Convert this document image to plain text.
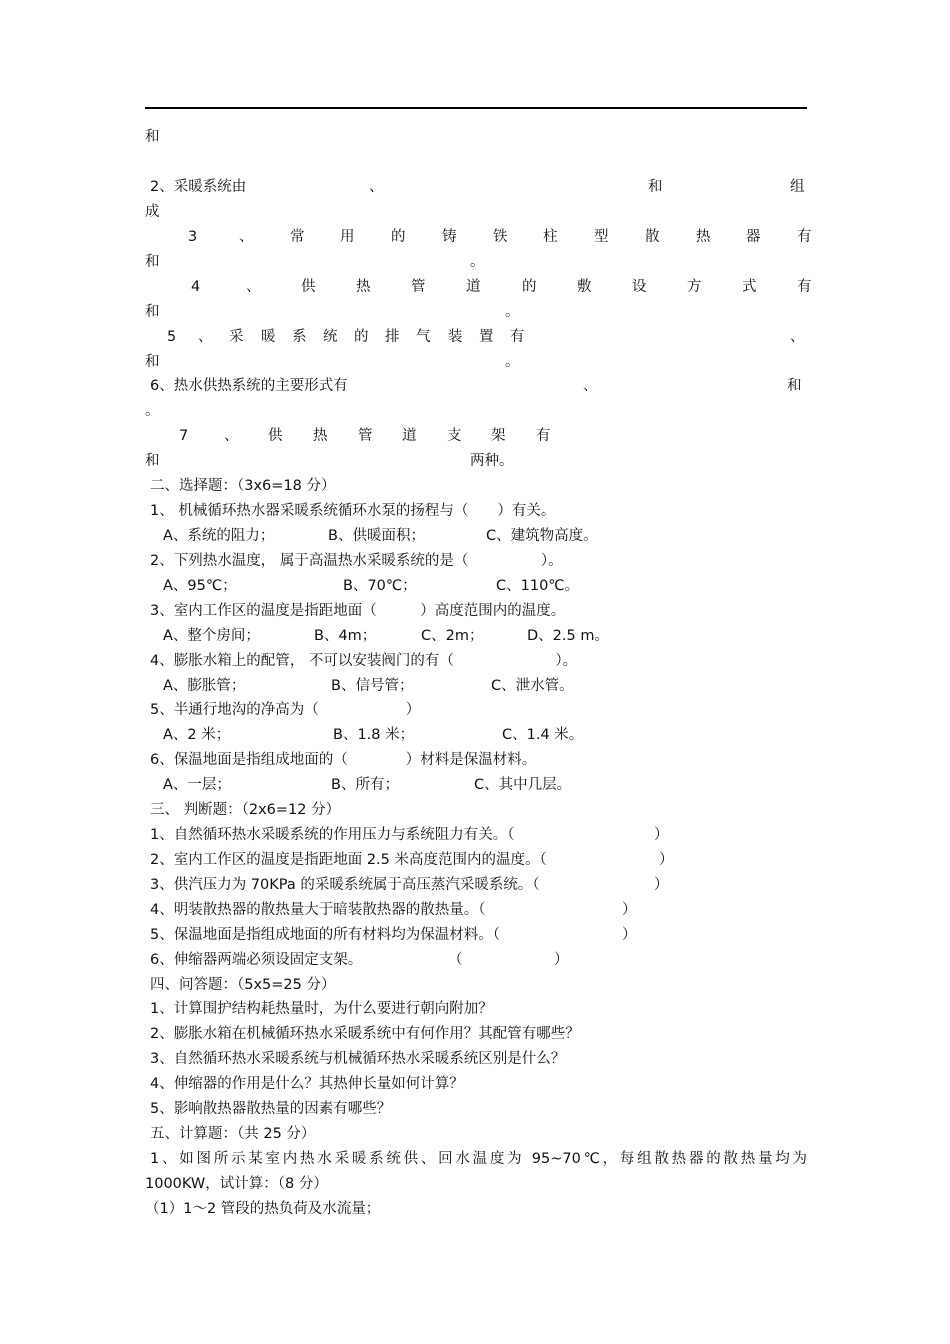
和
2、采暖系统由	、	和	组
成
3	、	常 用	的	铸	铁 柱	型	散	热 器	有
和	。
4	、	供	热	管	道	的	敷	设	方	式	有
和	。
5 、 采 暖 系 统 的 排 气 装 置 有	、
和	。
6、热水供热系统的主要形式有	、	和
。
7 、 供 热 管 道 支 架 有
和	两种。
二、选择题：（3x6=18 分）
1、 机械循环热水器采暖系统循环水泵的扬程与（　　）有关。
A、系统的阻力；	B、供暖面积；	C、建筑物高度。
2、下列热水温度， 属于高温热水采暖系统的是（　　　　　）。
A、95℃；	B、70℃；	C、110℃。
3、室内工作区的温度是指距地面（　　　）高度范围内的温度。
A、整个房间；	B、4m；	C、2m；	D、2.5 m。
4、膨胀水箱上的配管， 不可以安装阀门的有（　　　　　　　）。
A、膨胀管；	B、信号管；	C、泄水管。
5、半通行地沟的净高为（　　　　　　）
A、2 米；	B、1.8 米；	C、1.4 米。
6、保温地面是指组成地面的（　　　　）材料是保温材料。
A、一层；	B、所有；	C、其中几层。
三、 判断题：（2x6=12 分）
1、自然循环热水采暖系统的作用压力与系统阻力有关。（	）
2、室内工作区的温度是指距地面 2.5 米高度范围内的温度。（	）
3、供汽压力为 70KPa 的采暖系统属于高压蒸汽采暖系统。（	）
4、明装散热器的散热量大于暗装散热器的散热量。（	）
5、保温地面是指组成地面的所有材料均为保温材料。（	）
6、伸缩器两端必须设固定支架。	（	）
四、问答题：（5x5=25 分）
1、计算围护结构耗热量时，为什么要进行朝向附加？
2、膨胀水箱在机械循环热水采暖系统中有何作用？其配管有哪些？
3、自然循环热水采暖系统与机械循环热水采暖系统区别是什么？
4、伸缩器的作用是什么？其热伸长量如何计算？
5、影响散热器散热量的因素有哪些？
五、计算题：（共 25 分）
1、如图所示某室内热水采暖系统供、回水温度为 95~70℃，每组散热器的散热量均为
1000KW，试计算：（8 分）
（1）1～2 管段的热负荷及水流量；
